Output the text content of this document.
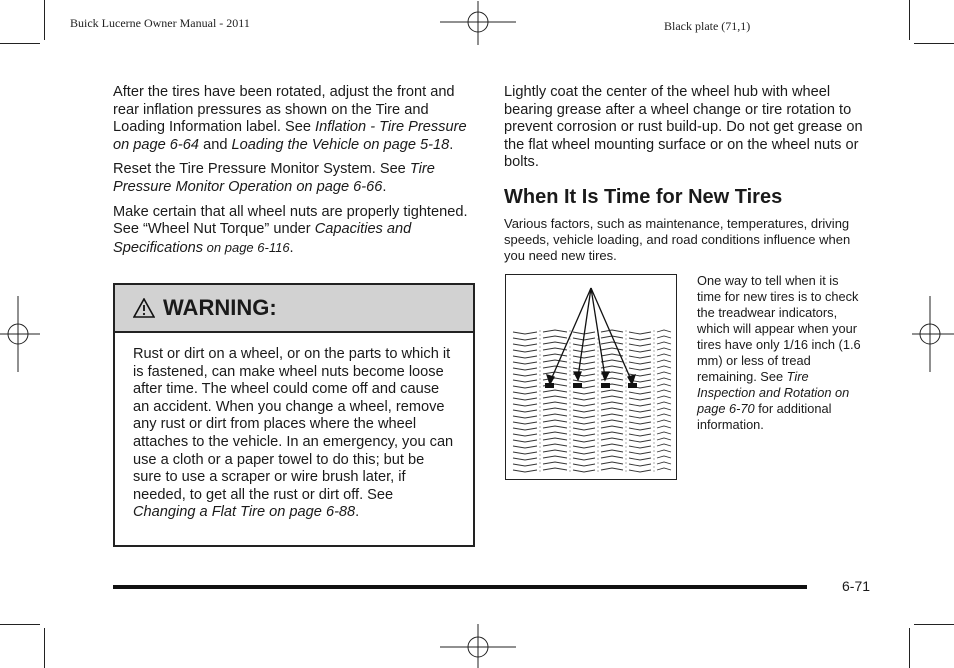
Buick Lucerne Owner Manual - 2011	Black plate (71,1)

After the tires have been rotated, adjust the front and rear inflation pressures as shown on the Tire and Loading Information label. See Inflation - Tire Pressure on page 6-64 and Loading the Vehicle on page 5-18.

Reset the Tire Pressure Monitor System. See Tire Pressure Monitor Operation on page 6-66.

Make certain that all wheel nuts are properly tightened. See “Wheel Nut Torque” under Capacities and Specifications on page 6-116.

WARNING:
Rust or dirt on a wheel, or on the parts to which it is fastened, can make wheel nuts become loose after time. The wheel could come off and cause an accident. When you change a wheel, remove any rust or dirt from places where the wheel attaches to the vehicle. In an emergency, you can use a cloth or a paper towel to do this; but be sure to use a scraper or wire brush later, if needed, to get all the rust or dirt off. See Changing a Flat Tire on page 6-88.
Lightly coat the center of the wheel hub with wheel bearing grease after a wheel change or tire rotation to prevent corrosion or rust build-up. Do not get grease on the flat wheel mounting surface or on the wheel nuts or bolts.
When It Is Time for New Tires
Various factors, such as maintenance, temperatures, driving speeds, vehicle loading, and road conditions influence when you need new tires.
One way to tell when it is time for new tires is to check the treadwear indicators, which will appear when your tires have only 1/16 inch (1.6 mm) or less of tread remaining. See Tire Inspection and Rotation on page 6-70 for additional information.
6-71
